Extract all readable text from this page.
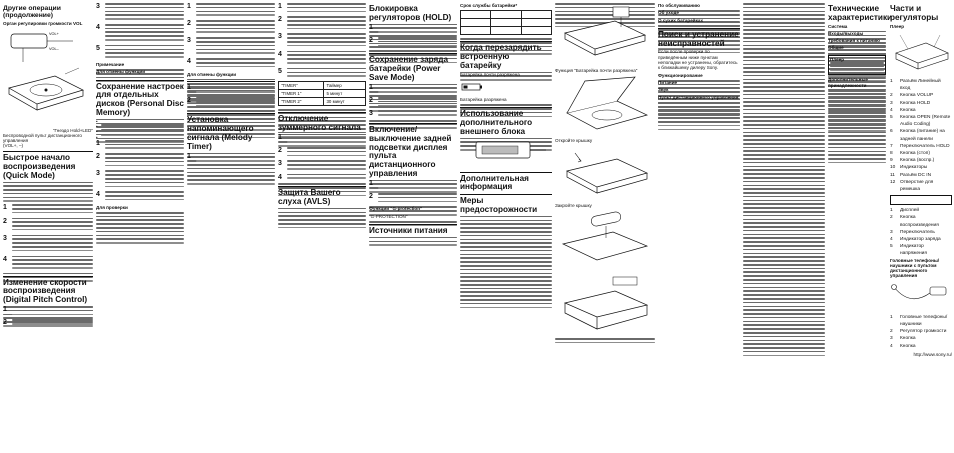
Другие операции (продолжение)
Орган регулировки громкости VOL
VOL+
VOL–
"Гнездо Hold+LED"
Беспроводной пульт дистанционного управления
(VOL+, –)
Быстрое начало воспроизведения (Quick Mode)
1
2
3
4
Изменение скорости воспроизведения (Digital Pitch Control)
1
2
3
4
5
Примечание
Для отмены функции
Сохранение настроек для отдельных дисков (Personal Disc Memory)
•
•
•
•
1
2
3
4
Для проверки
1
2
3
4
Для отмены функции
1
2
Установка напоминающего сигнала (Melody Timer)
1
1
2
3
4
5
"TIMER"	Таймер
"TIMER 1"	5 минут
"TIMER 2"	30 минут
Отключение зуммерного сигнала
1
2
3
4
Защита Вашего слуха (AVLS)
Блокировка регуляторов (HOLD)
1
2
Сохранение заряда батарейки (Power Save Mode)
1
2
3
Включение/выключение задней подсветки дисплея пульта дистанционного управления
1
2
Функции "G-protection"
"G-PROTECTION"
Источники питания
Срок службы батарейки*

Когда перезарядить встроенную батарейку
Батарейка почти разряжена
Батарейка разряжена
Использование дополнительного внешнего блока
Дополнительная информация
Меры предосторожности
Функция "Батарейка почти разряжена"
Откройте крышку
Закройте крышку

По обслуживанию
Об уходе
О сухих батарейках
Поиск и устранение неисправностей
Если после проверки по приведённым ниже пунктам неполадки не устранены, обратитесь к ближайшему дилеру Sony.
Функционирование
Питание
Звук
Пульт дистанционного управления
Технические характеристики
Система
Входы/выходы
Требования к питанию
Общие
Плеер
Дополнительные принадлежности
Части и регуляторы
Плеер
1	Разъём Линейный вход
2	Кнопка VOLUP
3	Кнопка HOLD
4	Кнопка
5	Кнопка OPEN (Remote Audio Coding)
6	Кнопка (питание) на задней панели
7	Переключатель HOLD
8	Кнопка (стоп)
9	Кнопка (воспр.)
10 Индикаторы
11	Разъём DC IN
12 Отверстие для ремешка
1	Дисплей
2	Кнопка воспроизведения
3	Переключатель
4	Индикатор заряда
5	Индикатор напряжения
Головные телефоны/наушники с пультом дистанционного управления
1	Головные телефоны/наушники
2	Регулятор громкости
3	Кнопка
4	Кнопка
http://www.sony.ru/
